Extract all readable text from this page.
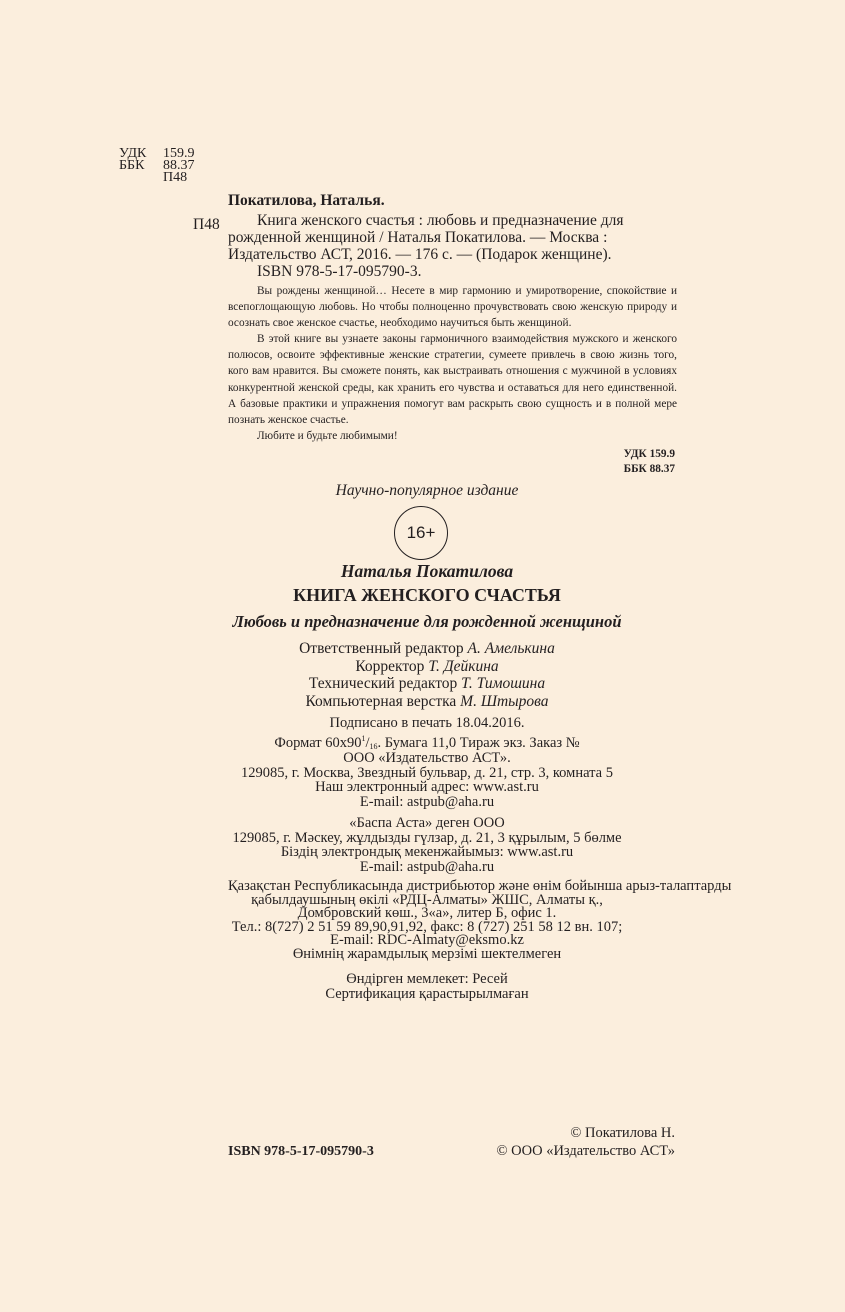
УДК 159.9
ББК 88.37
П48
Покатилова, Наталья.
П48 Книга женского счастья : любовь и предназначение для
рожденной женщиной / Наталья Покатилова. — Москва :
Издательство АСТ, 2016. — 176 с. — (Подарок женщине).
ISBN 978-5-17-095790-3.

Вы рождены женщиной… Несете в мир гармонию и умиротворение, спокойствие и всепоглощающую любовь. Но чтобы полноценно прочувствовать свою женскую природу и осознать свое женское счастье, необходимо научиться быть женщиной.

В этой книге вы узнаете законы гармоничного взаимодействия мужского и женского полюсов, освоите эффективные женские стратегии, сумеете привлечь в свою жизнь того, кого вам нравится. Вы сможете понять, как выстраивать отношения с мужчиной в условиях конкурентной женской среды, как хранить его чувства и оставаться для него единственной. А базовые практики и упражнения помогут вам раскрыть свою сущность и в полной мере познать женское счастье.

Любите и будьте любимыми!

УДК 159.9
ББК 88.37
Научно-популярное издание
16+
Наталья Покатилова
КНИГА ЖЕНСКОГО СЧАСТЬЯ
Любовь и предназначение для рожденной женщиной
Ответственный редактор А. Амелькина
Корректор Т. Дейкина
Технический редактор Т. Тимошина
Компьютерная верстка М. Штырова
Подписано в печать 18.04.2016.
Формат $60х90^1/_{16}$. Бумага 11,0 Тираж экз. Заказ №
ООО «Издательство АСТ».
129085, г. Москва, Звездный бульвар, д. 21, стр. 3, комната 5
Наш электронный адрес: www.ast.ru
E-mail: astpub@aha.ru
«Баспа Аста» деген ООО
129085, г. Мәскеу, жұлдызды гүлзар, д. 21, 3 құрылым, 5 бөлме
Біздің электрондық мекенжайымыз: www.ast.ru
E-mail: astpub@aha.ru
Қазақстан Республикасында дистрибьютор және өнім бойынша арыз-талаптарды
қабылдаушының өкілі «РДЦ-Алматы» ЖШС, Алматы қ.,
Домбровский көш., 3«а», литер Б, офис 1.
Тел.: 8(727) 2 51 59 89,90,91,92, факс: 8 (727) 251 58 12 вн. 107;
E-mail: RDC-Almaty@eksmo.kz
Өнімнің жарамдылық мерзімі шектелмеген
Өндірген мемлекет: Ресей
Сертификация қарастырылмаған
ISBN 978-5-17-095790-3
© Покатилова Н.
© ООО «Издательство АСТ»
